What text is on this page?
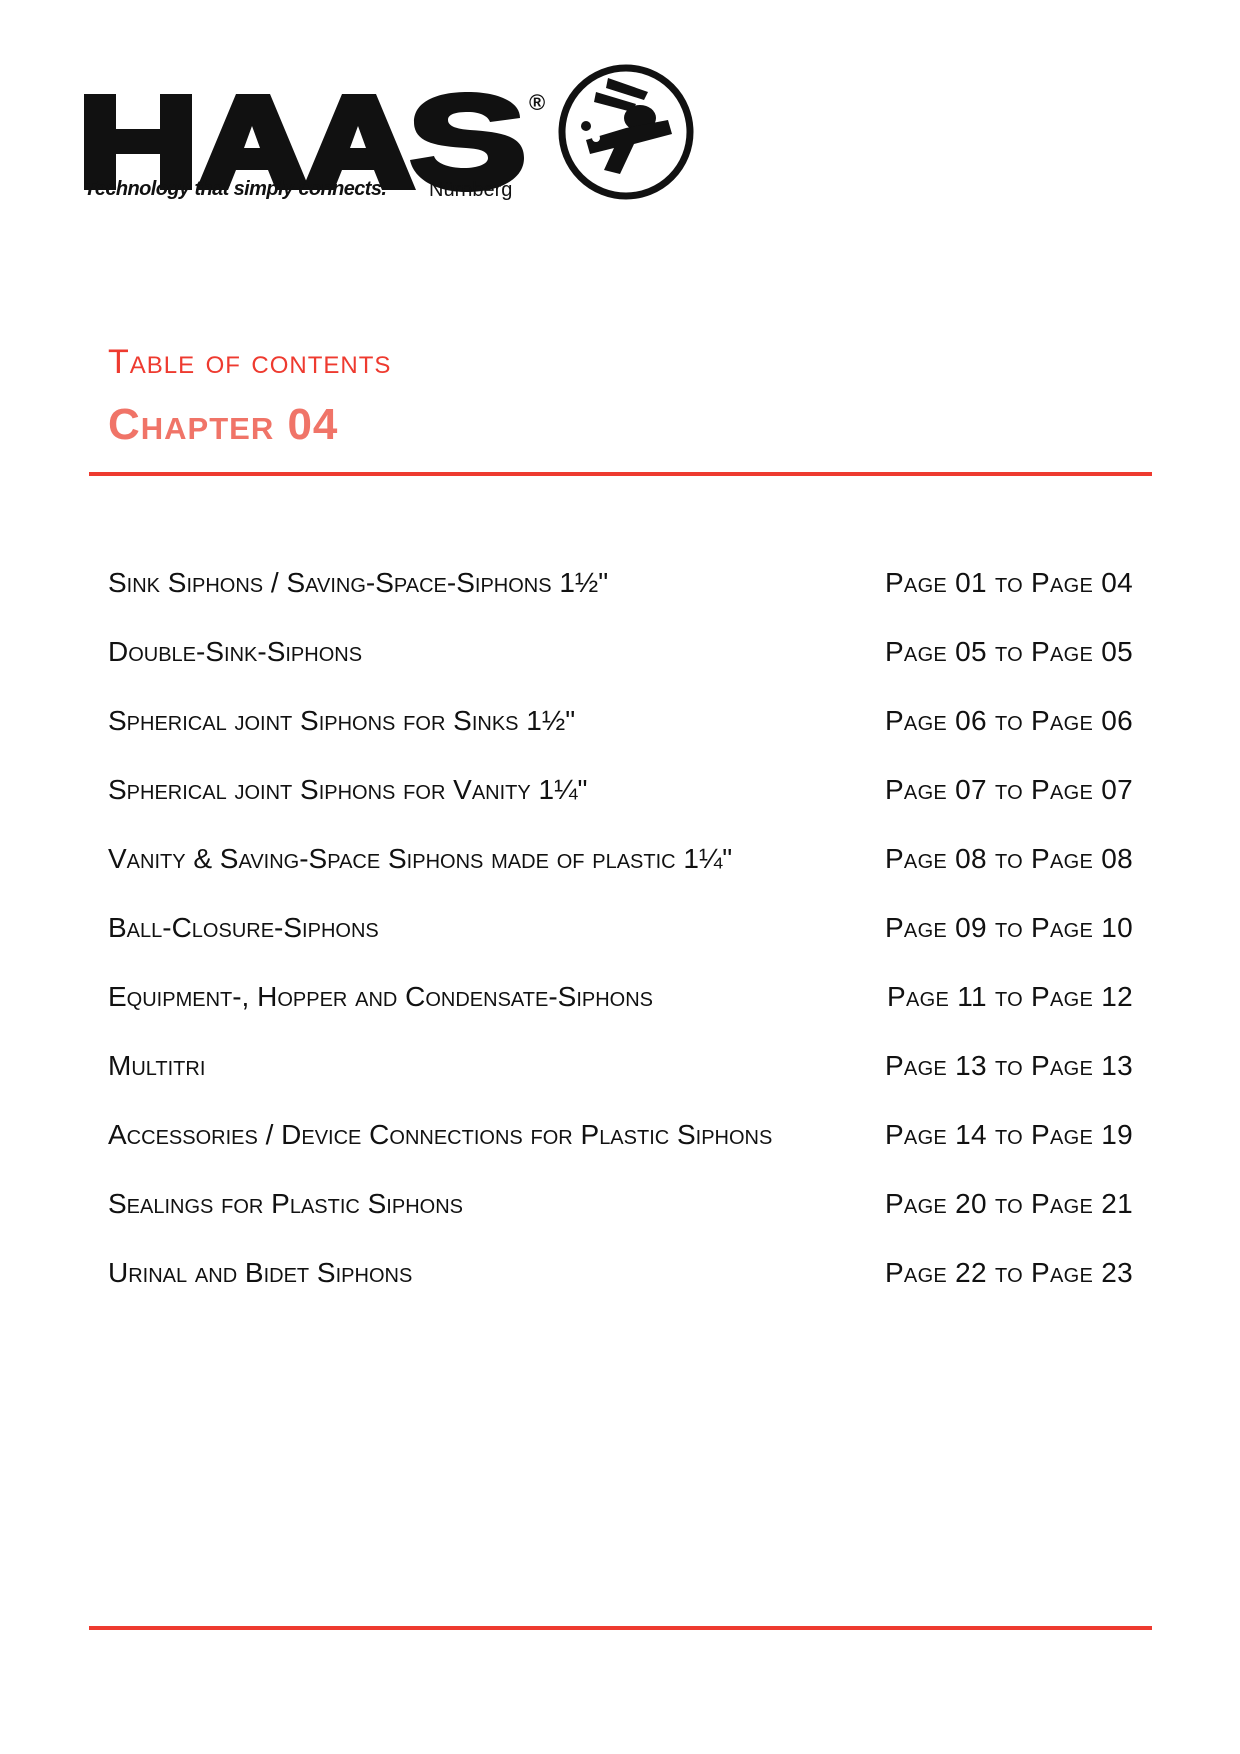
®
Technology that simply connects. Nürnberg
Table of contents
Chapter 04
Sink Siphons / Saving-Space-Siphons 1½"	Page 01 to Page 04
Double-Sink-Siphons	Page 05 to Page 05
Spherical joint Siphons for Sinks 1½"	Page 06 to Page 06
Spherical joint Siphons for Vanity 1¼"	Page 07 to Page 07
Vanity & Saving-Space Siphons made of plastic 1¼"	Page 08 to Page 08
Ball-Closure-Siphons	Page 09 to Page 10
Equipment-, Hopper and Condensate-Siphons	Page 11 to Page 12
Multitri	Page 13 to Page 13
Accessories / Device Connections for Plastic Siphons	Page 14 to Page 19
Sealings for Plastic Siphons	Page 20 to Page 21
Urinal and Bidet Siphons	Page 22 to Page 23
